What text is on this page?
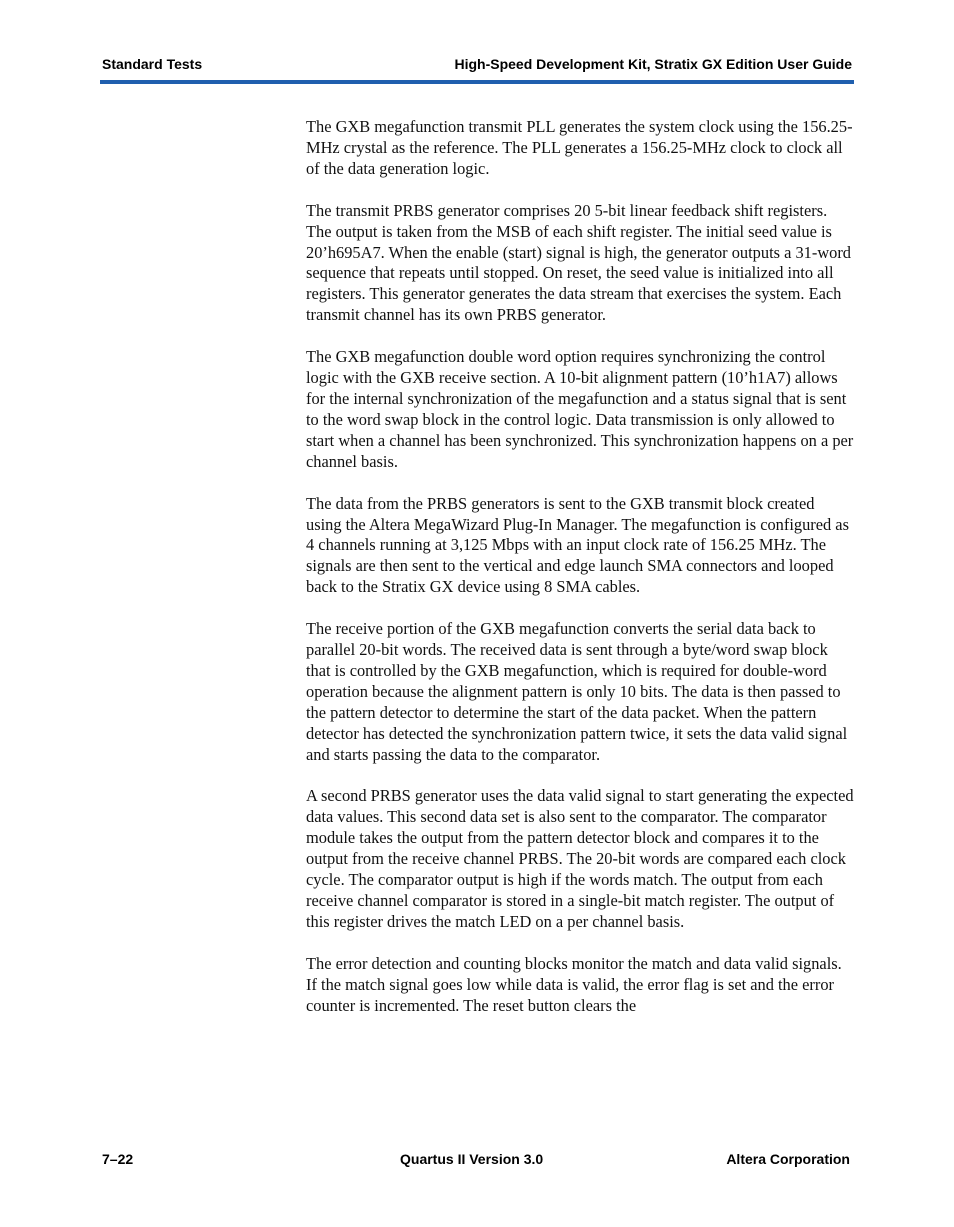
Standard Tests	High-Speed Development Kit, Stratix GX Edition User Guide

The GXB megafunction transmit PLL generates the system clock using the 156.25-MHz crystal as the reference. The PLL generates a 156.25-MHz clock to clock all of the data generation logic.

The transmit PRBS generator comprises 20 5-bit linear feedback shift registers. The output is taken from the MSB of each shift register. The initial seed value is 20’h695A7. When the enable (start) signal is high, the generator outputs a 31-word sequence that repeats until stopped. On reset, the seed value is initialized into all registers. This generator generates the data stream that exercises the system. Each transmit channel has its own PRBS generator.

The GXB megafunction double word option requires synchronizing the control logic with the GXB receive section. A 10-bit alignment pattern (10’h1A7) allows for the internal synchronization of the megafunction and a status signal that is sent to the word swap block in the control logic. Data transmission is only allowed to start when a channel has been synchronized. This synchronization happens on a per channel basis.

The data from the PRBS generators is sent to the GXB transmit block created using the Altera MegaWizard Plug-In Manager. The megafunction is configured as 4 channels running at 3,125 Mbps with an input clock rate of 156.25 MHz. The signals are then sent to the vertical and edge launch SMA connectors and looped back to the Stratix GX device using 8 SMA cables.

The receive portion of the GXB megafunction converts the serial data back to parallel 20-bit words. The received data is sent through a byte/word swap block that is controlled by the GXB megafunction, which is required for double-word operation because the alignment pattern is only 10 bits. The data is then passed to the pattern detector to determine the start of the data packet. When the pattern detector has detected the synchronization pattern twice, it sets the data valid signal and starts passing the data to the comparator.

A second PRBS generator uses the data valid signal to start generating the expected data values. This second data set is also sent to the comparator. The comparator module takes the output from the pattern detector block and compares it to the output from the receive channel PRBS. The 20-bit words are compared each clock cycle. The comparator output is high if the words match. The output from each receive channel comparator is stored in a single-bit match register. The output of this register drives the match LED on a per channel basis.

The error detection and counting blocks monitor the match and data valid signals. If the match signal goes low while data is valid, the error flag is set and the error counter is incremented. The reset button clears the

7–22	Quartus II Version 3.0	Altera Corporation
